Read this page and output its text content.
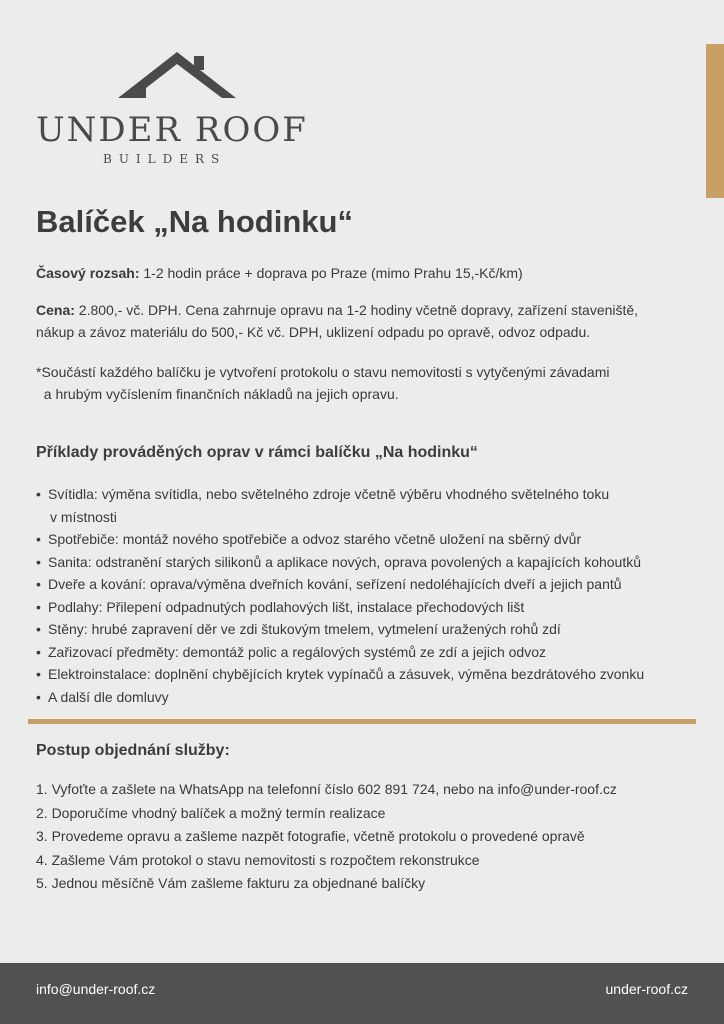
UNDER ROOF
BUILDERS
Balíček „Na hodinku“

Časový rozsah: 1-2 hodin práce + doprava po Praze (mimo Prahu 15,-Kč/km)

Cena: 2.800,- vč. DPH. Cena zahrnuje opravu na 1-2 hodiny včetně dopravy, zařízení staveniště,

nákup a závoz materiálu do 500,- Kč vč. DPH, uklizení odpadu po opravě, odvoz odpadu.

*Součástí každého balíčku je vytvoření protokolu o stavu nemovitosti s vytyčenými závadami

a hrubým vyčíslením finančních nákladů na jejich opravu.

Příklady prováděných oprav v rámci balíčku „Na hodinku“
• Svítidla: výměna svítidla, nebo světelného zdroje včetně výběru vhodného světelného toku
v místnosti
• Spotřebiče: montáž nového spotřebiče a odvoz starého včetně uložení na sběrný dvůr
• Sanita: odstranění starých silikonů a aplikace nových, oprava povolených a kapajících kohoutků
• Dveře a kování: oprava/výměna dveřních kování, seřízení nedoléhajících dveří a jejich pantů
• Podlahy: Přilepení odpadnutých podlahových lišt, instalace přechodových lišt
• Stěny: hrubé zapravení děr ve zdi štukovým tmelem, vytmelení uražených rohů zdí
• Zařizovací předměty: demontáž polic a regálových systémů ze zdí a jejich odvoz
• Elektroinstalace: doplnění chybějících krytek vypínačů a zásuvek, výměna bezdrátového zvonku
• A další dle domluvy
Postup objednání služby:
1. Vyfoťte a zašlete na WhatsApp na telefonní číslo 602 891 724, nebo na info@under-roof.cz
2. Doporučíme vhodný balíček a možný termín realizace
3. Provedeme opravu a zašleme nazpět fotografie, včetně protokolu o provedené opravě
4. Zašleme Vám protokol o stavu nemovitosti s rozpočtem rekonstrukce
5. Jednou měsíčně Vám zašleme fakturu za objednané balíčky
info@under-roof.cz	under-roof.cz
